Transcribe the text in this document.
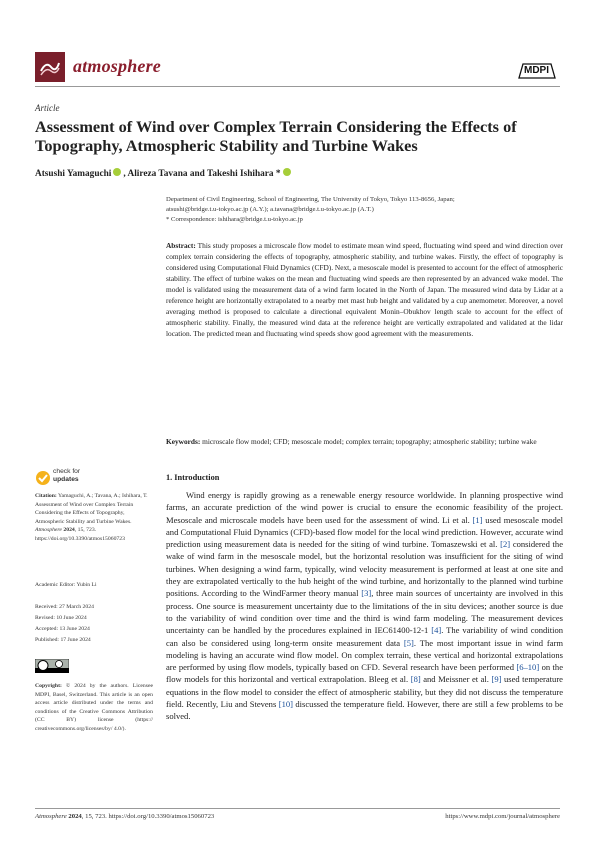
atmosphere	MDPI
Article
Assessment of Wind over Complex Terrain Considering the Effects of Topography, Atmospheric Stability and Turbine Wakes
Atsushi Yamaguchi , Alireza Tavana and Takeshi Ishihara *
Department of Civil Engineering, School of Engineering, The University of Tokyo, Tokyo 113-8656, Japan;
atsushi@bridge.t.u-tokyo.ac.jp (A.Y.); a.tavana@bridge.t.u-tokyo.ac.jp (A.T.)
* Correspondence: ishihara@bridge.t.u-tokyo.ac.jp
Abstract: This study proposes a microscale flow model to estimate mean wind speed, fluctuating wind speed and wind direction over complex terrain considering the effects of topography, atmospheric stability, and turbine wakes. Firstly, the effect of topography is considered using Computational Fluid Dynamics (CFD). Next, a mesoscale model is presented to account for the effect of atmospheric stability. The effect of turbine wakes on the mean and fluctuating wind speeds are then represented by an advanced wake model. The model is validated using the measurement data of a wind farm located in the North of Japan. The measured wind data by Lidar at a reference height are horizontally extrapolated to a nearby met mast hub height and validated by a cup anemometer. Moreover, a novel averaging method is proposed to calculate a directional equivalent Monin–Obukhov length scale to account for the effect of atmospheric stability. Finally, the measured wind data at the reference height are vertically extrapolated and validated at the lidar location. The predicted mean and fluctuating wind speeds show good agreement with the measurements.
Keywords: microscale flow model; CFD; mesoscale model; complex terrain; topography; atmospheric stability; turbine wake
check for
updates
Citation: Yamaguchi, A.; Tavana, A.; Ishihara, T. Assessment of Wind over Complex Terrain Considering the Effects of Topography, Atmospheric Stability and Turbine Wakes. Atmosphere 2024, 15, 723. https://doi.org/10.3390/atmos15060723
Academic Editor: Yubin Li
Received: 27 March 2024
Revised: 10 June 2024
Accepted: 13 June 2024
Published: 17 June 2024
Copyright: © 2024 by the authors. Licensee MDPI, Basel, Switzerland. This article is an open access article distributed under the terms and conditions of the Creative Commons Attribution (CC BY) license (https:// creativecommons.org/licenses/by/ 4.0/).
1. Introduction

Wind energy is rapidly growing as a renewable energy resource worldwide. In planning prospective wind farms, an accurate prediction of the wind power is crucial to ensure the economic feasibility of the project. Mesoscale and microscale models have been used for the assessment of wind. Li et al. [1] used mesoscale model and Computational Fluid Dynamics (CFD)-based flow model for the local wind prediction. However, accurate wind prediction using measurement data is needed for the siting of wind turbine. Tomaszewski et al. [2] considered the wake of wind farm in the mesoscale model, but the horizontal resolution was insufficient for the siting of wind turbines. When designing a wind farm, typically, wind velocity measurement is performed at least at one site and they are extrapolated vertically to the hub height of the wind turbine, and horizontally to the planned wind turbine positions. According to the WindFarmer theory manual [3], three main sources of uncertainty are involved in this process. One source is measurement uncertainty due to the limitations of the in situ devices; another source is due to the variability of wind condition over time and the third is wind farm modeling. The measurement devices uncertainty can be handled by the procedures explained in IEC61400-12-1 [4]. The variability of wind condition can also be considered using long-term onsite measurement data [5]. The most important issue in wind farm modeling is having an accurate wind flow model. On complex terrain, these vertical and horizontal extrapolations are performed by using flow models, typically based on CFD. Several research have been performed [6–10] on the flow models for this horizontal and vertical extrapolation. Bleeg et al. [8] and Meissner et al. [9] used temperature equations in the flow model to consider the effect of atmospheric stability, but they did not discuss the temperature field. Recently, Liu and Stevens [10] discussed the temperature field. However, there are still a few problems to be solved.

Atmosphere 2024, 15, 723. https://doi.org/10.3390/atmos15060723	https://www.mdpi.com/journal/atmosphere
